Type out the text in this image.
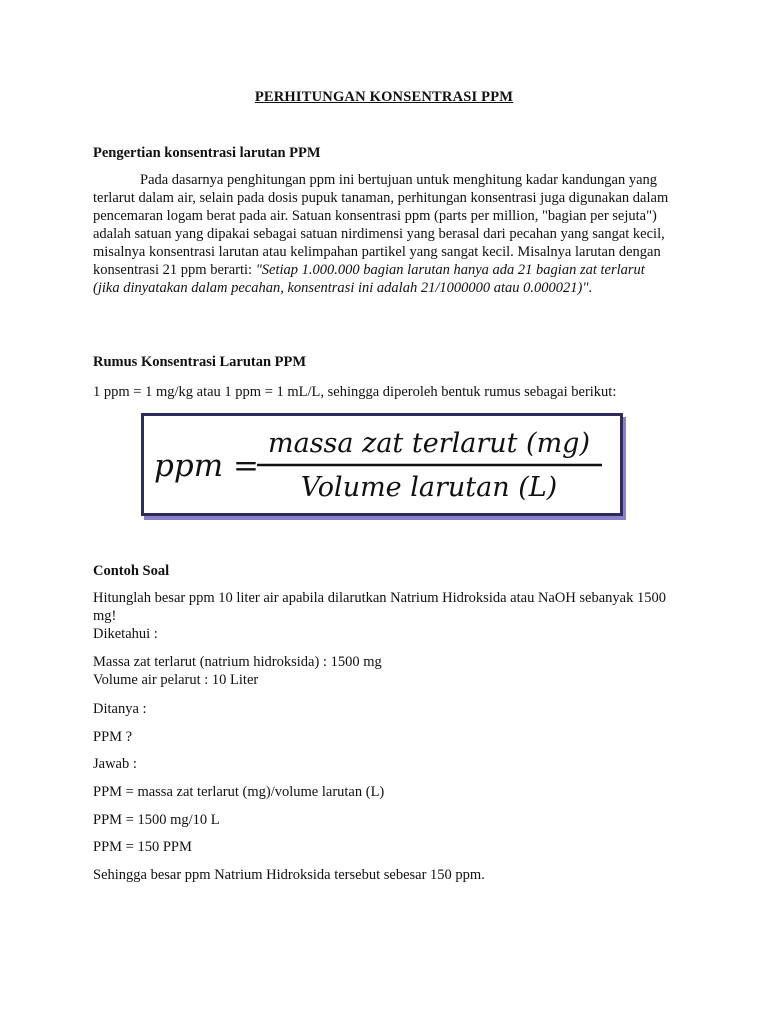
PERHITUNGAN KONSENTRASI PPM
Pengertian konsentrasi larutan PPM
Pada dasarnya penghitungan ppm ini bertujuan untuk menghitung kadar kandungan yang terlarut dalam air, selain pada dosis pupuk tanaman, perhitungan konsentrasi juga digunakan dalam pencemaran logam berat pada air. Satuan konsentrasi ppm (parts per million, "bagian per sejuta") adalah satuan yang dipakai sebagai satuan nirdimensi yang berasal dari pecahan yang sangat kecil, misalnya konsentrasi larutan atau kelimpahan partikel yang sangat kecil. Misalnya larutan dengan konsentrasi 21 ppm berarti: "Setiap 1.000.000 bagian larutan hanya ada 21 bagian zat terlarut (jika dinyatakan dalam pecahan, konsentrasi ini adalah 21/1000000 atau 0.000021)".
Rumus Konsentrasi Larutan PPM
1 ppm = 1 mg/kg atau 1 ppm = 1 mL/L, sehingga diperoleh bentuk rumus sebagai berikut:
ppm =
massa zat terlarut (mg)
Volume larutan (L)
Contoh Soal
Hitunglah besar ppm 10 liter air apabila dilarutkan Natrium Hidroksida atau NaOH sebanyak 1500 mg!
Diketahui :
Massa zat terlarut (natrium hidroksida) : 1500 mg
Volume air pelarut : 10 Liter
Ditanya :
PPM ?
Jawab :
PPM = massa zat terlarut (mg)/volume larutan (L)
PPM = 1500 mg/10 L
PPM = 150 PPM
Sehingga besar ppm Natrium Hidroksida tersebut sebesar 150 ppm.
